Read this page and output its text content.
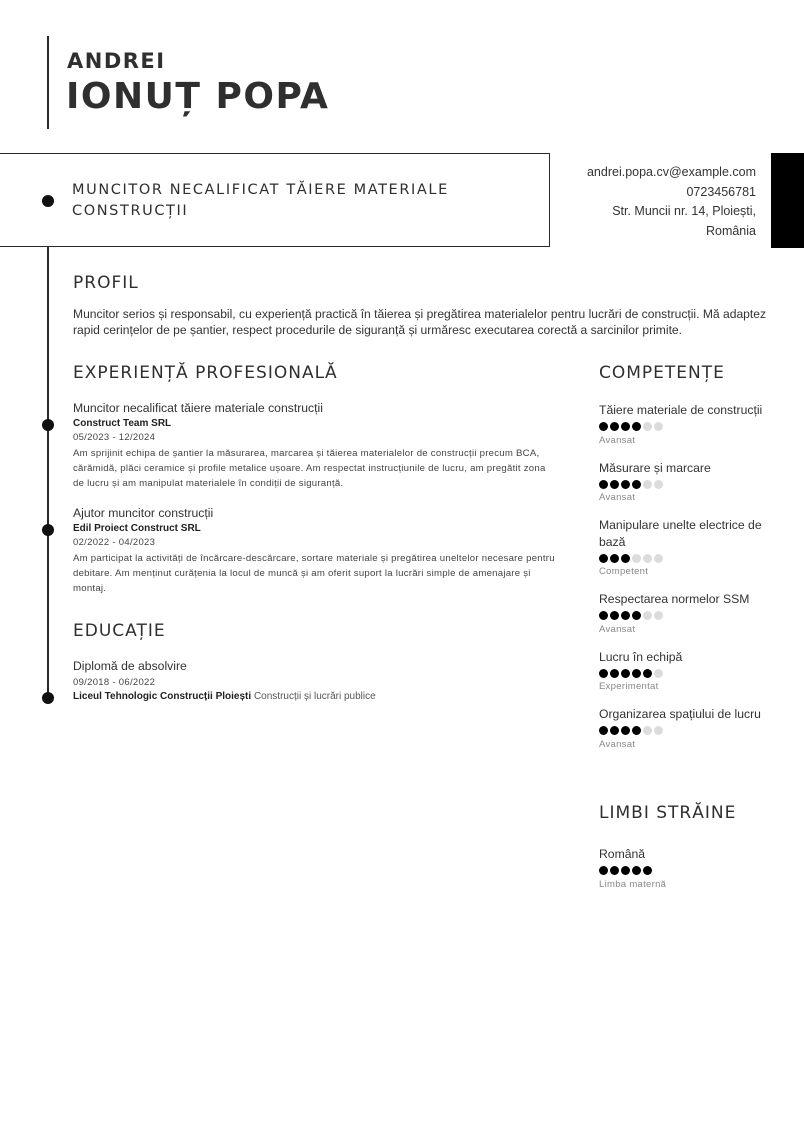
ANDREI
IONUȚ POPA
MUNCITOR NECALIFICAT TĂIERE MATERIALE CONSTRUCȚII
andrei.popa.cv@example.com
0723456781
Str. Muncii nr. 14, Ploiești,
România
PROFIL
Muncitor serios și responsabil, cu experiență practică în tăierea și pregătirea materialelor pentru lucrări de construcții. Mă adaptez rapid cerințelor de pe șantier, respect procedurile de siguranță și urmăresc executarea corectă a sarcinilor primite.
EXPERIENȚĂ PROFESIONALĂ
Muncitor necalificat tăiere materiale construcții
Construct Team SRL
05/2023 - 12/2024
Am sprijinit echipa de șantier la măsurarea, marcarea și tăierea materialelor de construcții precum BCA, cărămidă, plăci ceramice și profile metalice ușoare. Am respectat instrucțiunile de lucru, am pregătit zona de lucru și am manipulat materialele în condiții de siguranță.
Ajutor muncitor construcții
Edil Proiect Construct SRL
02/2022 - 04/2023
Am participat la activități de încărcare-descărcare, sortare materiale și pregătirea uneltelor necesare pentru debitare. Am menținut curățenia la locul de muncă și am oferit suport la lucrări simple de amenajare și montaj.
EDUCAȚIE
Diplomă de absolvire
09/2018 - 06/2022
Liceul Tehnologic Construcții Ploiești Construcții și lucrări publice
COMPETENȚE
Tăiere materiale de construcții
Avansat
Măsurare și marcare
Avansat
Manipulare unelte electrice de bază
Competent
Respectarea normelor SSM
Avansat
Lucru în echipă
Experimentat
Organizarea spațiului de lucru
Avansat
LIMBI STRĂINE
Română
Limba maternă
